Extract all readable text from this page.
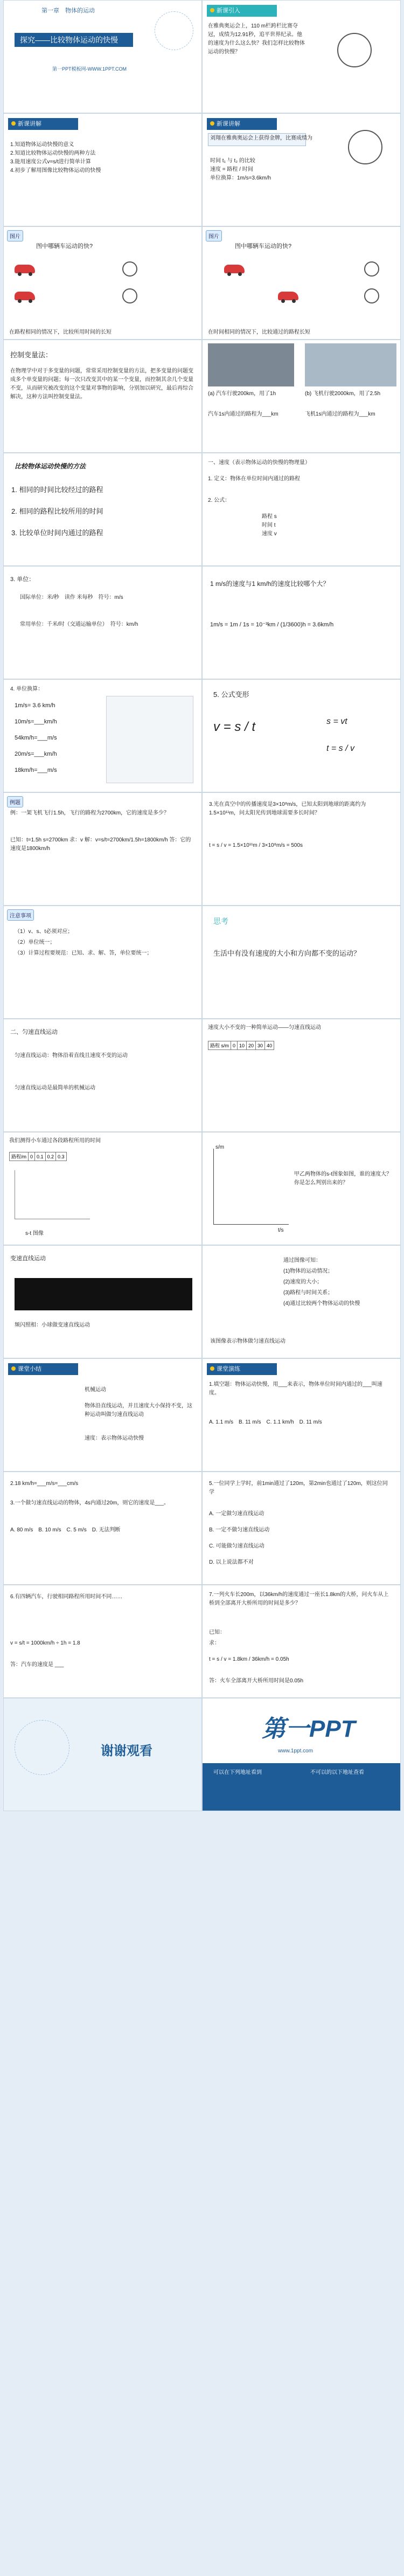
第一章　物体的运动
探究——比较物体运动的快慢
第一PPT模板网-WWW.1PPT.COM
新课引入
在雅典奥运会上，110 m栏跨栏比赛夺冠，成绩为12.91秒，追平世界纪录。他的速度为什么这么快？我们怎样比较物体运动的快慢？
新课讲解
1.知道物体运动快慢的意义
2.知道比较物体运动快慢的两种方法
3.能用速度公式v=s/t进行简单计算
4.初步了解用图像比较物体运动的快慢
新课讲解
刘翔在雅典奥运会上获得金牌，比赛成绩为
时间 t₁ 与 t₂ 的比较
速度 = 路程 / 时间
单位换算：1m/s=3.6km/h
图片
图中哪辆车运动的快?
在路程相同的情况下，比较所用时间的长短
图片
图中哪辆车运动的快?
在时间相同的情况下，比较通过的路程长短
控制变量法：
在物理学中对于多变量的问题，常常采用控制变量的方法，把多变量的问题变成多个单变量的问题；每一次只改变其中的某一个变量，而控制其余几个变量不变，从而研究被改变的这个变量对事物的影响，分别加以研究，最后再综合解决，这种方法叫控制变量法。
(a) 汽车行驶200km，用了1h	(b) 飞机行驶2000km，用了2.5h
汽车1s内通过的路程为___km	飞机1s内通过的路程为___km
比较物体运动快慢的方法
1. 相同的时间比较经过的路程
2. 相同的路程比较所用的时间
3. 比较单位时间内通过的路程
一、速度（表示物体运动的快慢的物理量）
1. 定义：物体在单位时间内通过的路程
2. 公式：
路程 s
时间 t
速度 v
3. 单位：
国际单位：米/秒　读作 米每秒　符号：m/s
常用单位：千米/时（交通运输单位）　符号：km/h
1 m/s的速度与1 km/h的速度比较哪个大？
1m/s = 1m / 1s = 10⁻³km / (1/3600)h = 3.6km/h
4. 单位换算：
1m/s= 3.6 km/h
10m/s=___km/h
54km/h=___m/s
20m/s=___km/h
18km/h=___m/s
5. 公式变形
v = s / t	s = vt
t = s / v
例题
例：一架飞机飞行1.5h，飞行的路程为2700km，它的速度是多少？
已知：t=1.5h s=2700km 求：v 解：v=s/t=2700km/1.5h=1800km/h 答：它的速度是1800km/h
3.光在真空中的传播速度是3×10⁸m/s，已知太阳到地球的距离约为1.5×10¹¹m，问太阳光传到地球需要多长时间？
t = s / v = 1.5×10¹¹m / 3×10⁸m/s = 500s
注意事项
（1）v、s、t必须对应；
（2）单位统一；
（3）计算过程要规范：已知、求、解、答，单位要统一；
思考
生活中有没有速度的大小和方向都不变的运动？
二、匀速直线运动
匀速直线运动：物体沿着直线且速度不变的运动
匀速直线运动是最简单的机械运动
速度大小不变的一种简单运动——匀速直线运动
路程 s/m	0	10	20	30	40
我们测得小车通过各段路程所用的时间
路程/m	0	0.1	0.2	0.3
s-t 图像
甲乙两物体的s-t图象如图，谁的速度大？你是怎么判别出来的？
s/m
t/s
变速直线运动
频闪照相：小球做变速直线运动
通过图像可知：
(1)物体的运动情况；
(2)速度的大小；
(3)路程与时间关系；
(4)通过比较两个物体运动的快慢
该图像表示物体做匀速直线运动
课堂小结
机械运动
物体沿直线运动，并且速度大小保持不变，这种运动叫做匀速直线运动
速度：表示物体运动快慢
课堂演练
1.填空题：物体运动快慢，用___来表示，物体单位时间内通过的___叫速度。
A. 1.1 m/s　B. 11 m/s　C. 1.1 km/h　D. 11 m/s
2.18 km/h=___m/s=___cm/s
3.一个做匀速直线运动的物体，4s内通过20m，则它的速度是___。
A. 80 m/s　B. 10 m/s　C. 5 m/s　D. 无法判断
5.一位同学上学时，前1min通过了120m，第2min也通过了120m，则这位同学
A. 一定做匀速直线运动
B. 一定不做匀速直线运动
C. 可能做匀速直线运动
D. 以上说法都不对
6.有四辆汽车，行驶相同路程所用时间不同……
v = s/t = 1000km/h ÷ 1h = 1.8
答：汽车的速度是 ___
7.一列火车长200m，以36km/h的速度通过一座长1.8km的大桥，问火车从上桥到全部离开大桥所用的时间是多少？
已知：
求：
t = s / v = 1.8km / 36km/h = 0.05h
答：火车全部离开大桥所用时间是0.05h
谢谢观看
第一PPT
www.1ppt.com
可以在下列地址看到	不可以的以下地址查看
